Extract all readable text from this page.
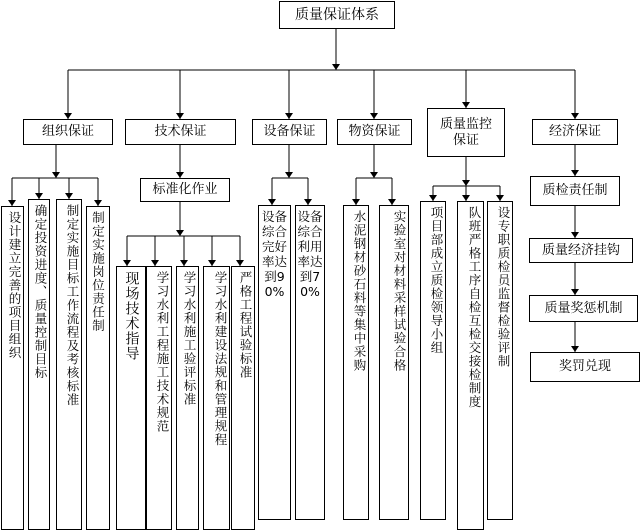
质量保证体系
组织保证	技术保证	设备保证	物资保证	质量监控保证
经济保证
设计建立完善的项目组织 确定投资进度、质量控制目标	制定实施目标工作流程及考核标准 制定实施岗位责任制
标准化作业
现场技术指导	学习水利工程施工技术规范 学习水利施工验评标准	学习水利建设法规和管理规程 严格工程试验标准
设备综合完好率达到90%
设备综合利用率达到70%	水泥钢材砂石料等集中采购	实验室对材料采样试验合格	项目部成立质检领导小组	队班严格工序自检互检交接检制度	设专职质检员监督检验评制
质检责任制
质量经济挂钩
质量奖惩机制
奖罚兑现
